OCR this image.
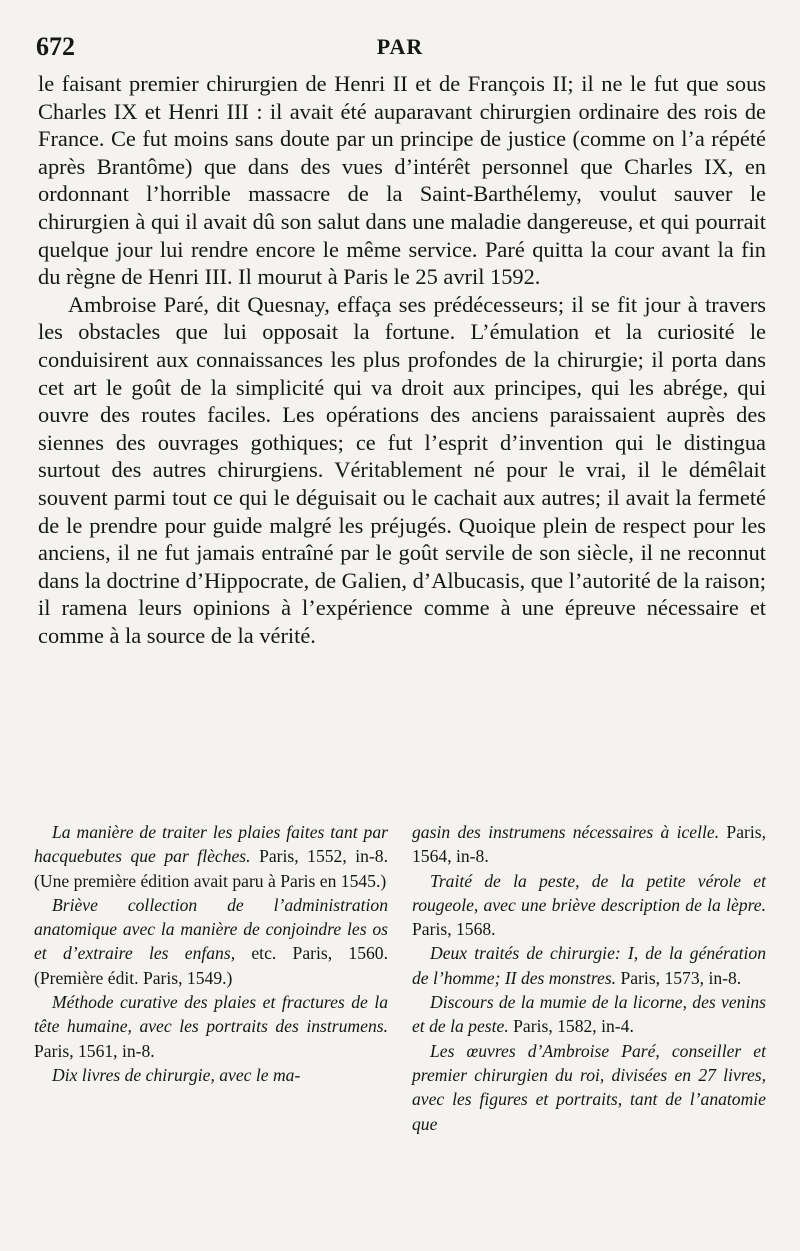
672	PAR

le faisant premier chirurgien de Henri II et de François II; il ne le fut que sous Charles IX et Henri III : il avait été auparavant chirurgien ordinaire des rois de France. Ce fut moins sans doute par un principe de justice (comme on l’a répété après Brantôme) que dans des vues d’intérêt personnel que Charles IX, en ordonnant l’horrible massacre de la Saint-Barthélemy, voulut sauver le chirurgien à qui il avait dû son salut dans une maladie dangereuse, et qui pourrait quelque jour lui rendre encore le même service. Paré quitta la cour avant la fin du règne de Henri III. Il mourut à Paris le 25 avril 1592.

Ambroise Paré, dit Quesnay, effaça ses prédécesseurs; il se fit jour à travers les obstacles que lui opposait la fortune. L’émulation et la curiosité le conduisirent aux connaissances les plus profondes de la chirurgie; il porta dans cet art le goût de la simplicité qui va droit aux principes, qui les abrége, qui ouvre des routes faciles. Les opérations des anciens paraissaient auprès des siennes des ouvrages gothiques; ce fut l’esprit d’invention qui le distingua surtout des autres chirurgiens. Véritablement né pour le vrai, il le démêlait souvent parmi tout ce qui le déguisait ou le cachait aux autres; il avait la fermeté de le prendre pour guide malgré les préjugés. Quoique plein de respect pour les anciens, il ne fut jamais entraîné par le goût servile de son siècle, il ne reconnut dans la doctrine d’Hippocrate, de Galien, d’Albucasis, que l’autorité de la raison; il ramena leurs opinions à l’expérience comme à une épreuve nécessaire et comme à la source de la vérité.

La manière de traiter les plaies faites tant par hacquebutes que par flèches. Paris, 1552, in-8. (Une première édition avait paru à Paris en 1545.)

Briève collection de l’administration anatomique avec la manière de conjoindre les os et d’extraire les enfans, etc. Paris, 1560. (Première édit. Paris, 1549.)

Méthode curative des plaies et fractures de la tête humaine, avec les portraits des instrumens. Paris, 1561, in-8.

Dix livres de chirurgie, avec le ma-

gasin des instrumens nécessaires à icelle. Paris, 1564, in-8.

Traité de la peste, de la petite vérole et rougeole, avec une briève description de la lèpre. Paris, 1568.

Deux traités de chirurgie: I, de la génération de l’homme; II des monstres. Paris, 1573, in-8.

Discours de la mumie de la licorne, des venins et de la peste. Paris, 1582, in-4.

Les œuvres d’Ambroise Paré, conseiller et premier chirurgien du roi, divisées en 27 livres, avec les figures et portraits, tant de l’anatomie que
